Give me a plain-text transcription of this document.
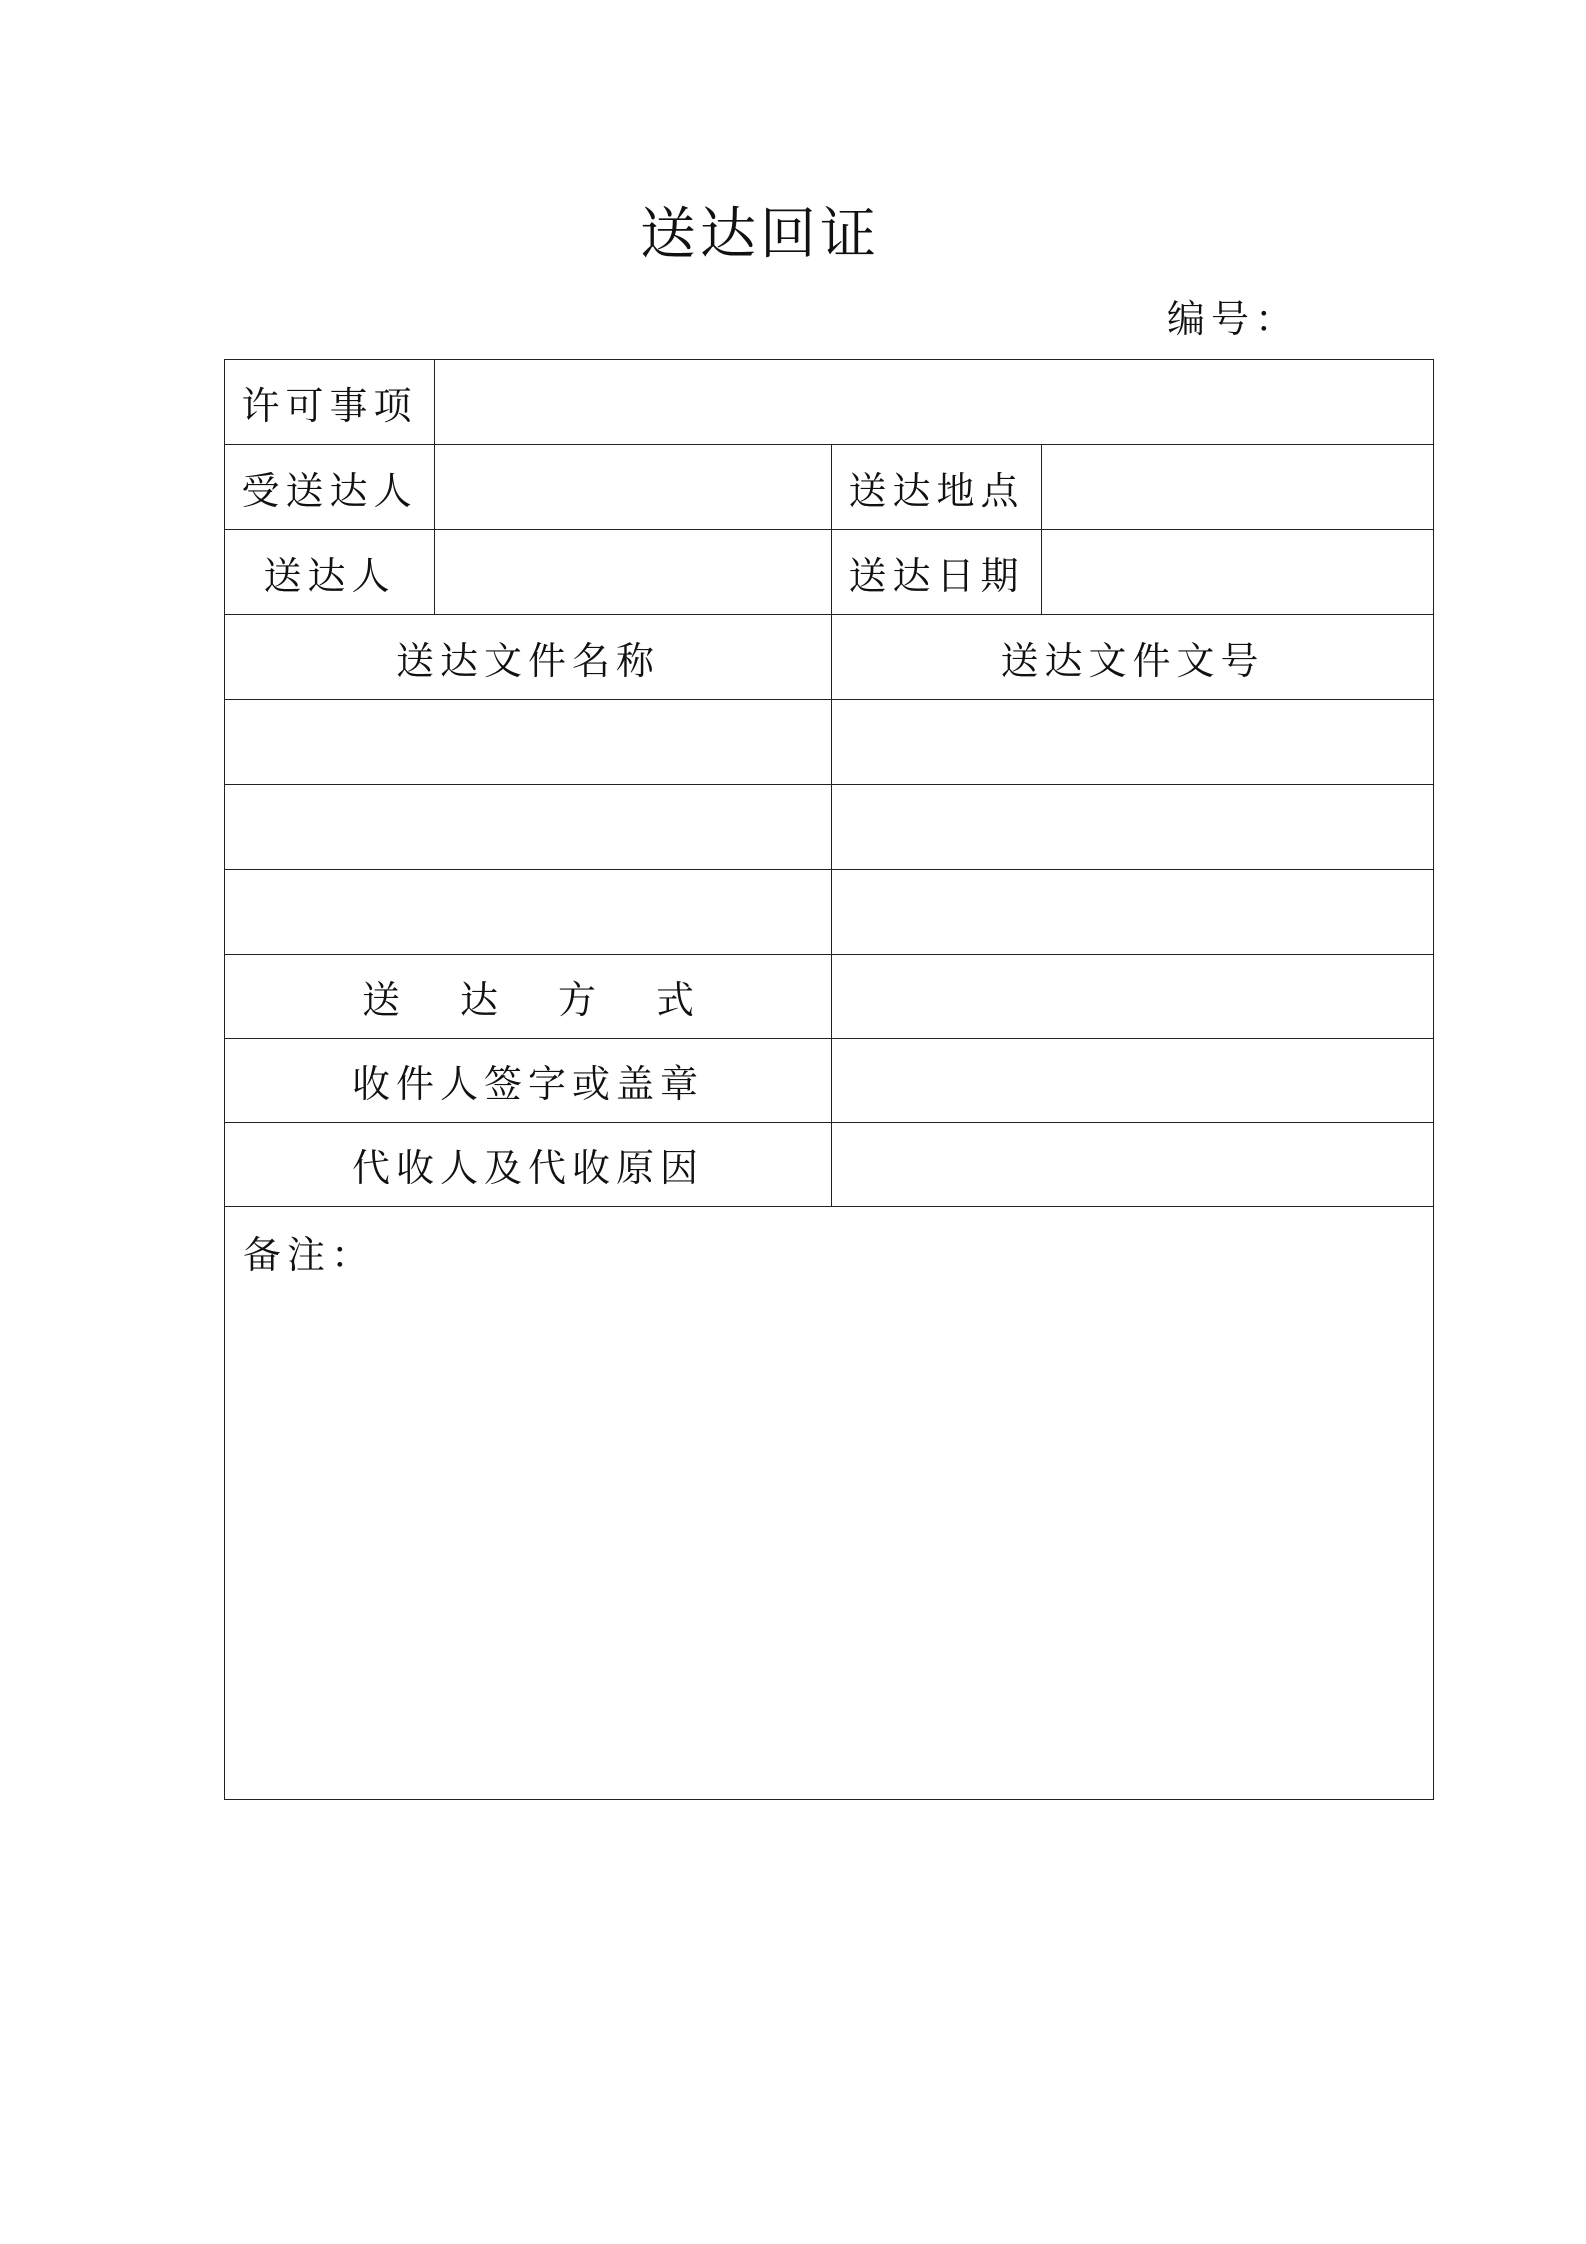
送达回证
编号：
许可事项
受送达人	送达地点
送达人	送达日期
送达文件名称	送达文件文号
送 达 方 式
收件人签字或盖章
代收人及代收原因
备注：
